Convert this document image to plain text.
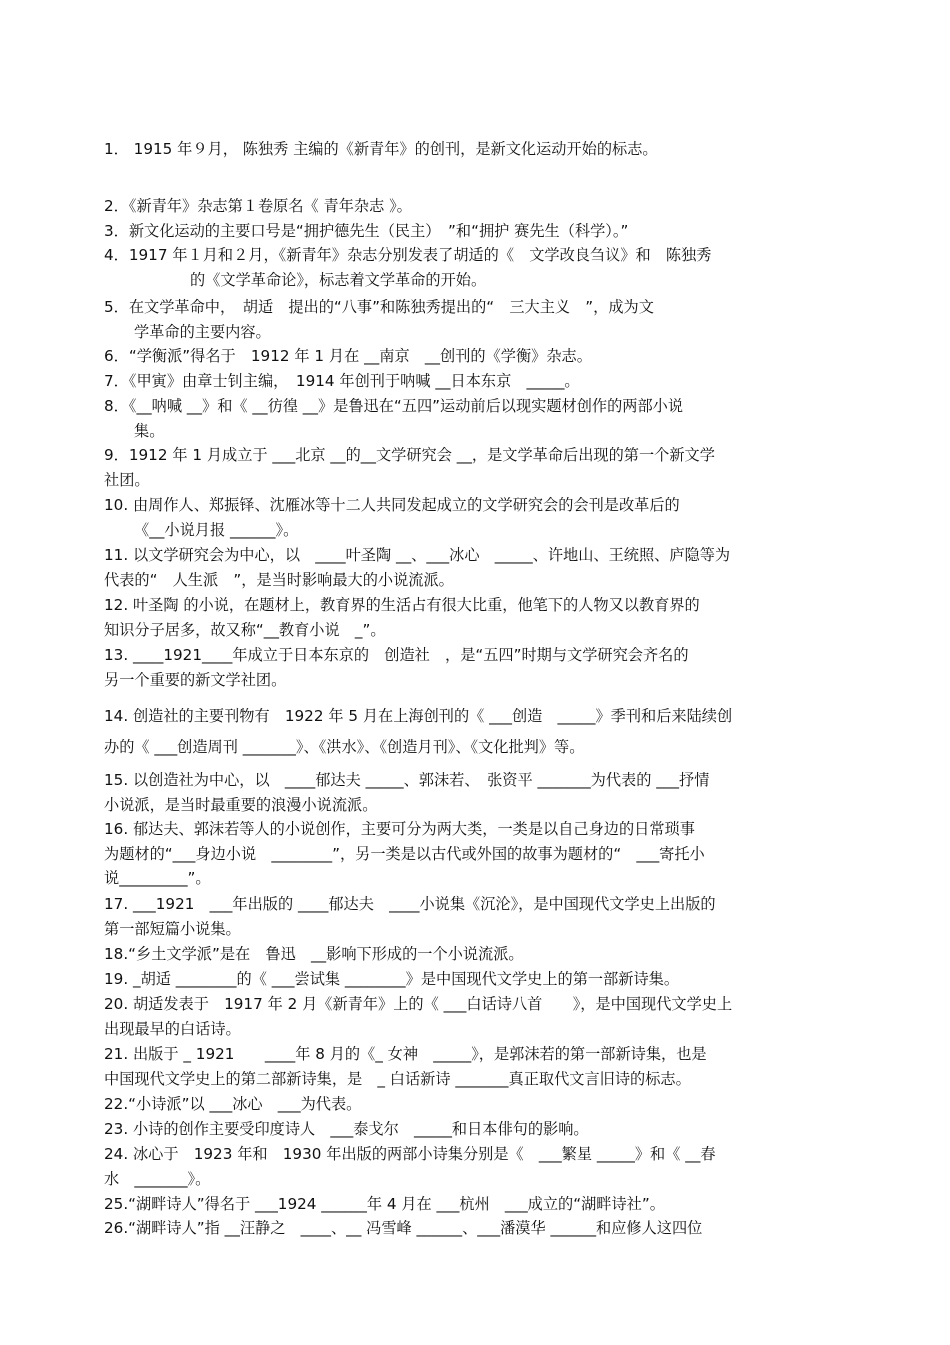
1． 1915 年９月， 陈独秀 主编的《新青年》的创刊，是新文化运动开始的标志。
2．《新青年》杂志第１卷原名《 青年杂志 》。
3．新文化运动的主要口号是“拥护德先生（民主）　”和“拥护 赛先生（科学）。”
4．1917 年１月和２月，《新青年》杂志分别发表了胡适的《　文学改良刍议》和　陈独秀
的《文学革命论》，标志着文学革命的开始。
5．在文学革命中，　胡适　提出的“八事”和陈独秀提出的“　三大主义　”，成为文
学革命的主要内容。
6．“学衡派”得名于　1912 年 1 月在 __南京　__创刊的《学衡》杂志。
7．《甲寅》由章士钊主编，　1914 年创刊于呐喊 __日本东京　_____。
8．《__呐喊 __》和《 __彷徨 __》是鲁迅在“五四”运动前后以现实题材创作的两部小说
集。
9．1912 年 1 月成立于 ___北京 __的__文学研究会 __，是文学革命后出现的第一个新文学
社团。
10. 由周作人、郑振铎、沈雁冰等十二人共同发起成立的文学研究会的会刊是改革后的
《__小说月报 ______》。
11. 以文学研究会为中心，以　____叶圣陶 __、___冰心　_____、许地山、王统照、庐隐等为
代表的“　人生派　”，是当时影响最大的小说流派。
12. 叶圣陶 的小说，在题材上，教育界的生活占有很大比重，他笔下的人物又以教育界的
知识分子居多，故又称“__教育小说　_”。
13. ____1921____年成立于日本东京的　创造社　，是“五四”时期与文学研究会齐名的
另一个重要的新文学社团。
14. 创造社的主要刊物有　1922 年 5 月在上海创刊的《 ___创造　_____》季刊和后来陆续创
办的《 ___创造周刊 _______》、《洪水》、《创造月刊》、《文化批判》等。
15. 以创造社为中心，以　____郁达夫 _____、郭沫若、　张资平 _______为代表的 ___抒情
小说派，是当时最重要的浪漫小说流派。
16. 郁达夫、郭沫若等人的小说创作，主要可分为两大类，一类是以自己身边的日常琐事
为题材的“___身边小说　________”，另一类是以古代或外国的故事为题材的“　___寄托小
说_________”。
17. ___1921　___年出版的 ____郁达夫　____小说集《沉沦》，是中国现代文学史上出版的
第一部短篇小说集。
18.“乡土文学派”是在　鲁迅　__影响下形成的一个小说流派。
19. _胡适 ________的《 ___尝试集 ________》是中国现代文学史上的第一部新诗集。
20. 胡适发表于　1917 年 2 月《新青年》上的《 ___白话诗八首　　》，是中国现代文学史上
出现最早的白话诗。
21. 出版于 _ 1921　　____年 8 月的《_ 女神　_____》，是郭沫若的第一部新诗集，也是
中国现代文学史上的第二部新诗集，是　_ 白话新诗 _______真正取代文言旧诗的标志。
22.“小诗派”以 ___冰心　___为代表。
23. 小诗的创作主要受印度诗人　___泰戈尔　_____和日本俳句的影响。
24. 冰心于　1923 年和　1930 年出版的两部小诗集分别是《　___繁星 _____》和《 __春
水　_______》。
25.“湖畔诗人”得名于 ___1924 ______年 4 月在 ___杭州　___成立的“湖畔诗社”。
26.“湖畔诗人”指 __汪静之　____、__ 冯雪峰 ______、___潘漠华 ______和应修人这四位
